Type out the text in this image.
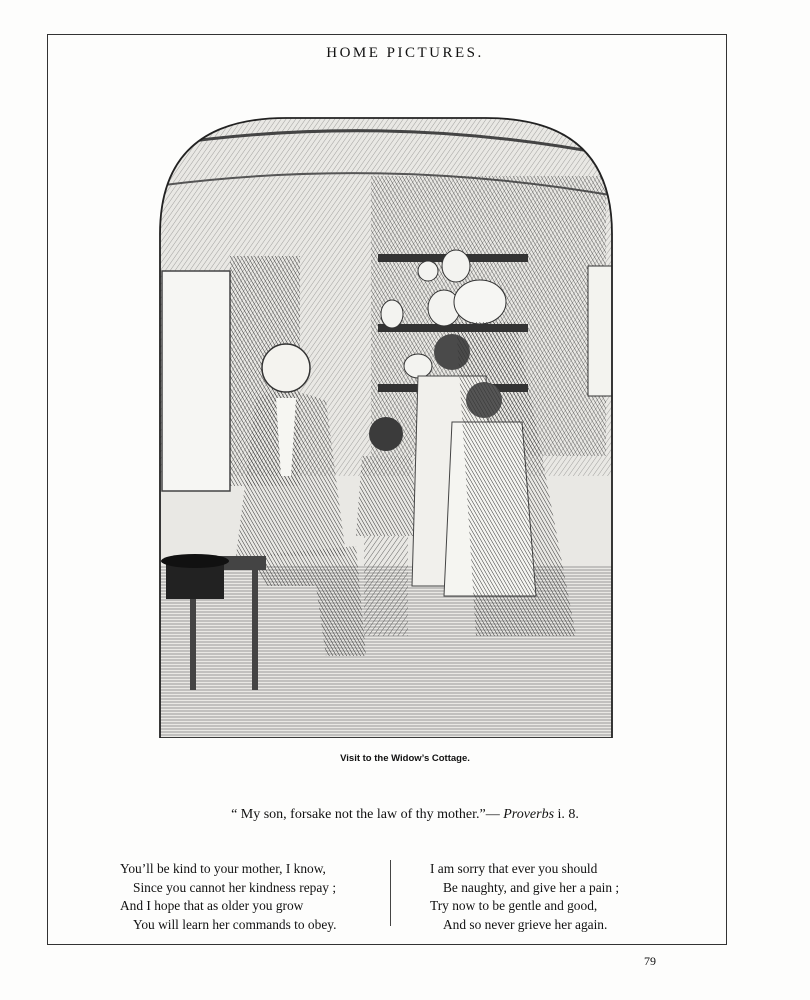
HOME PICTURES.
Visit to the Widow’s Cottage.
“ My son, forsake not the law of thy mother.”— Proverbs i. 8.
You’ll be kind to your mother, I know,
Since you cannot her kindness repay ;
And I hope that as older you grow
You will learn her commands to obey.
I am sorry that ever you should
Be naughty, and give her a pain ;
Try now to be gentle and good,
And so never grieve her again.
79
